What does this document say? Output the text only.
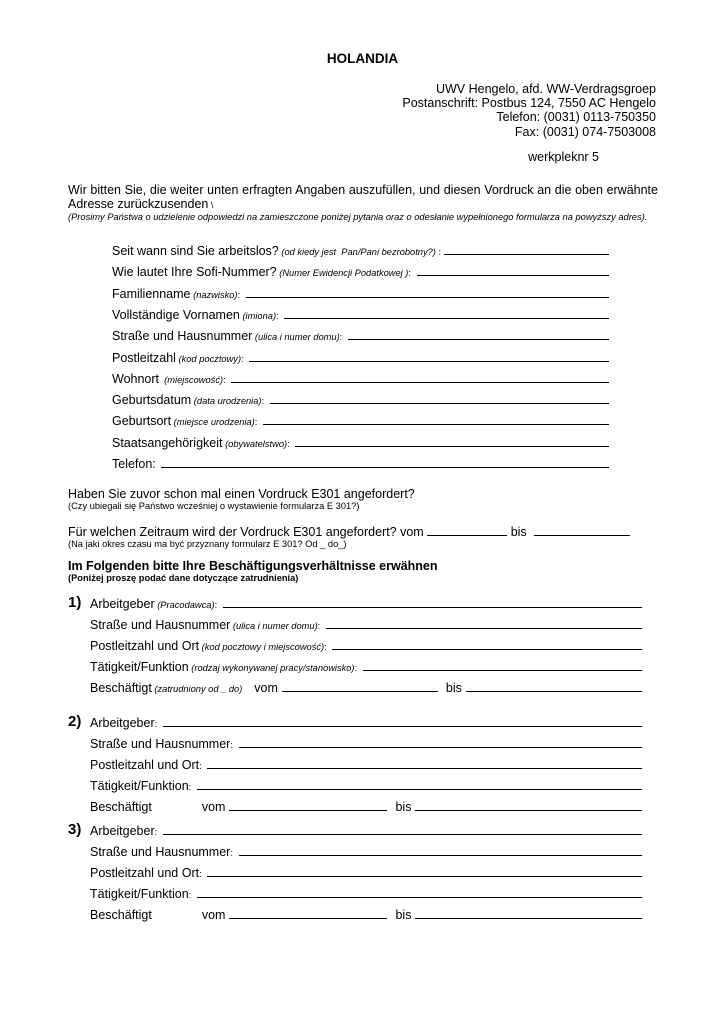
HOLANDIA
UWV Hengelo, afd. WW-Verdragsgroep
Postanschrift: Postbus 124, 7550 AC Hengelo
Telefon: (0031) 0113-750350
Fax: (0031) 074-7503008
werkpleknr 5
Wir bitten Sie, die weiter unten erfragten Angaben auszufüllen, und diesen Vordruck an die oben erwähnte Adresse zurückzusenden \
(Prosimy Państwa o udzielenie odpowiedzi na zamieszczone poniżej pytania oraz o odesłanie wypełnionego formularza na powyższy adres).
Seit wann sind Sie arbeitslos? (od kiedy jest  Pan/Pani bezrobotny?) :
Wie lautet Ihre Sofi-Nummer? (Numer Ewidencji Podatkowej ) :
Familienname (nazwisko) :
Vollständige Vornamen (imiona) :
Straße und Hausnummer (ulica i numer domu) :
Postleitzahl (kod pocztowy) :
Wohnort (miejscowość) :
Geburtsdatum (data urodzenia) :
Geburtsort (miejsce urodzenia) :
Staatsangehörigkeit (obywatelstwo) :
Telefon:

Haben Sie zuvor schon mal einen Vordruck E301 angefordert?
(Czy ubiegali się Państwo wcześniej o wystawienie formularza E 301?)
Für welchen Zeitraum wird der Vordruck E301 angefordert? vom	bis
(Na jaki okres czasu ma być przyznany formularz E 301? Od _ do_)
Im Folgenden bitte Ihre Beschäftigungsverhältnisse erwähnen
(Poniżej proszę podać dane dotyczące zatrudnienia)
1) Arbeitgeber (Pracodawca) :
Straße und Hausnummer (ulica i numer domu) :
Postleitzahl und Ort (kod pocztowy i miejscowość) :
Tätigkeit/Funktion (rodzaj wykonywanej pracy/stanowisko) :
Beschäftigt (zatrudniony od _ do) vom	bis
2) Arbeitgeber :
Straße und Hausnummer :
Postleitzahl und Ort :
Tätigkeit/Funktion :
Beschäftigt	vom	bis
3) Arbeitgeber :
Straße und Hausnummer :
Postleitzahl und Ort :
Tätigkeit/Funktion :
Beschäftigt	vom	bis
